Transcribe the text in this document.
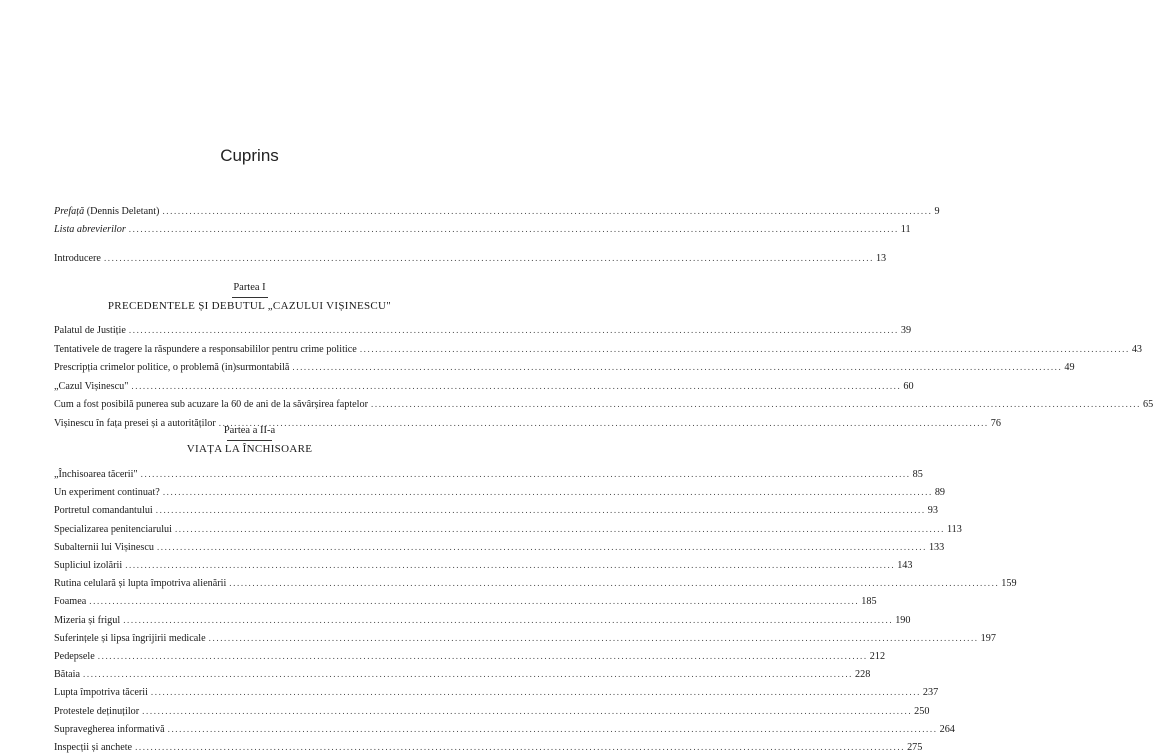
Cuprins
Prefață (Dennis Deletant) ........................................................................................................................................................................................................ 9
Lista abrevierilor ........................................................................................................................................................................................................ 11
Introducere ........................................................................................................................................................................................................ 13
Partea I
PRECEDENTELE ȘI DEBUTUL „CAZULUI VIȘINESCU"
Palatul de Justiție ........................................................................................................................................................................................................ 39
Tentativele de tragere la răspundere a responsabililor pentru crime politice ........................................................................................................................................................................................................ 43
Prescripția crimelor politice, o problemă (in)surmontabilă ........................................................................................................................................................................................................ 49
„Cazul Vișinescu" ........................................................................................................................................................................................................ 60
Cum a fost posibilă punerea sub acuzare la 60 de ani de la săvârșirea faptelor ........................................................................................................................................................................................................ 65
Vișinescu în fața presei și a autorităților ........................................................................................................................................................................................................ 76
Partea a II-a
VIAȚA LA ÎNCHISOARE
„Închisoarea tăcerii" ........................................................................................................................................................................................................ 85
Un experiment continuat? ........................................................................................................................................................................................................ 89
Portretul comandantului ........................................................................................................................................................................................................ 93
Specializarea penitenciarului ........................................................................................................................................................................................................ 113
Subalternii lui Vișinescu ........................................................................................................................................................................................................ 133
Supliciul izolării ........................................................................................................................................................................................................ 143
Rutina celulară și lupta împotriva alienării ........................................................................................................................................................................................................ 159
Foamea ........................................................................................................................................................................................................ 185
Mizeria și frigul ........................................................................................................................................................................................................ 190
Suferințele și lipsa îngrijirii medicale ........................................................................................................................................................................................................ 197
Pedepsele ........................................................................................................................................................................................................ 212
Bătaia ........................................................................................................................................................................................................ 228
Lupta împotriva tăcerii ........................................................................................................................................................................................................ 237
Protestele deținuților ........................................................................................................................................................................................................ 250
Supravegherea informativă ........................................................................................................................................................................................................ 264
Inspecții și anchete ........................................................................................................................................................................................................ 275
